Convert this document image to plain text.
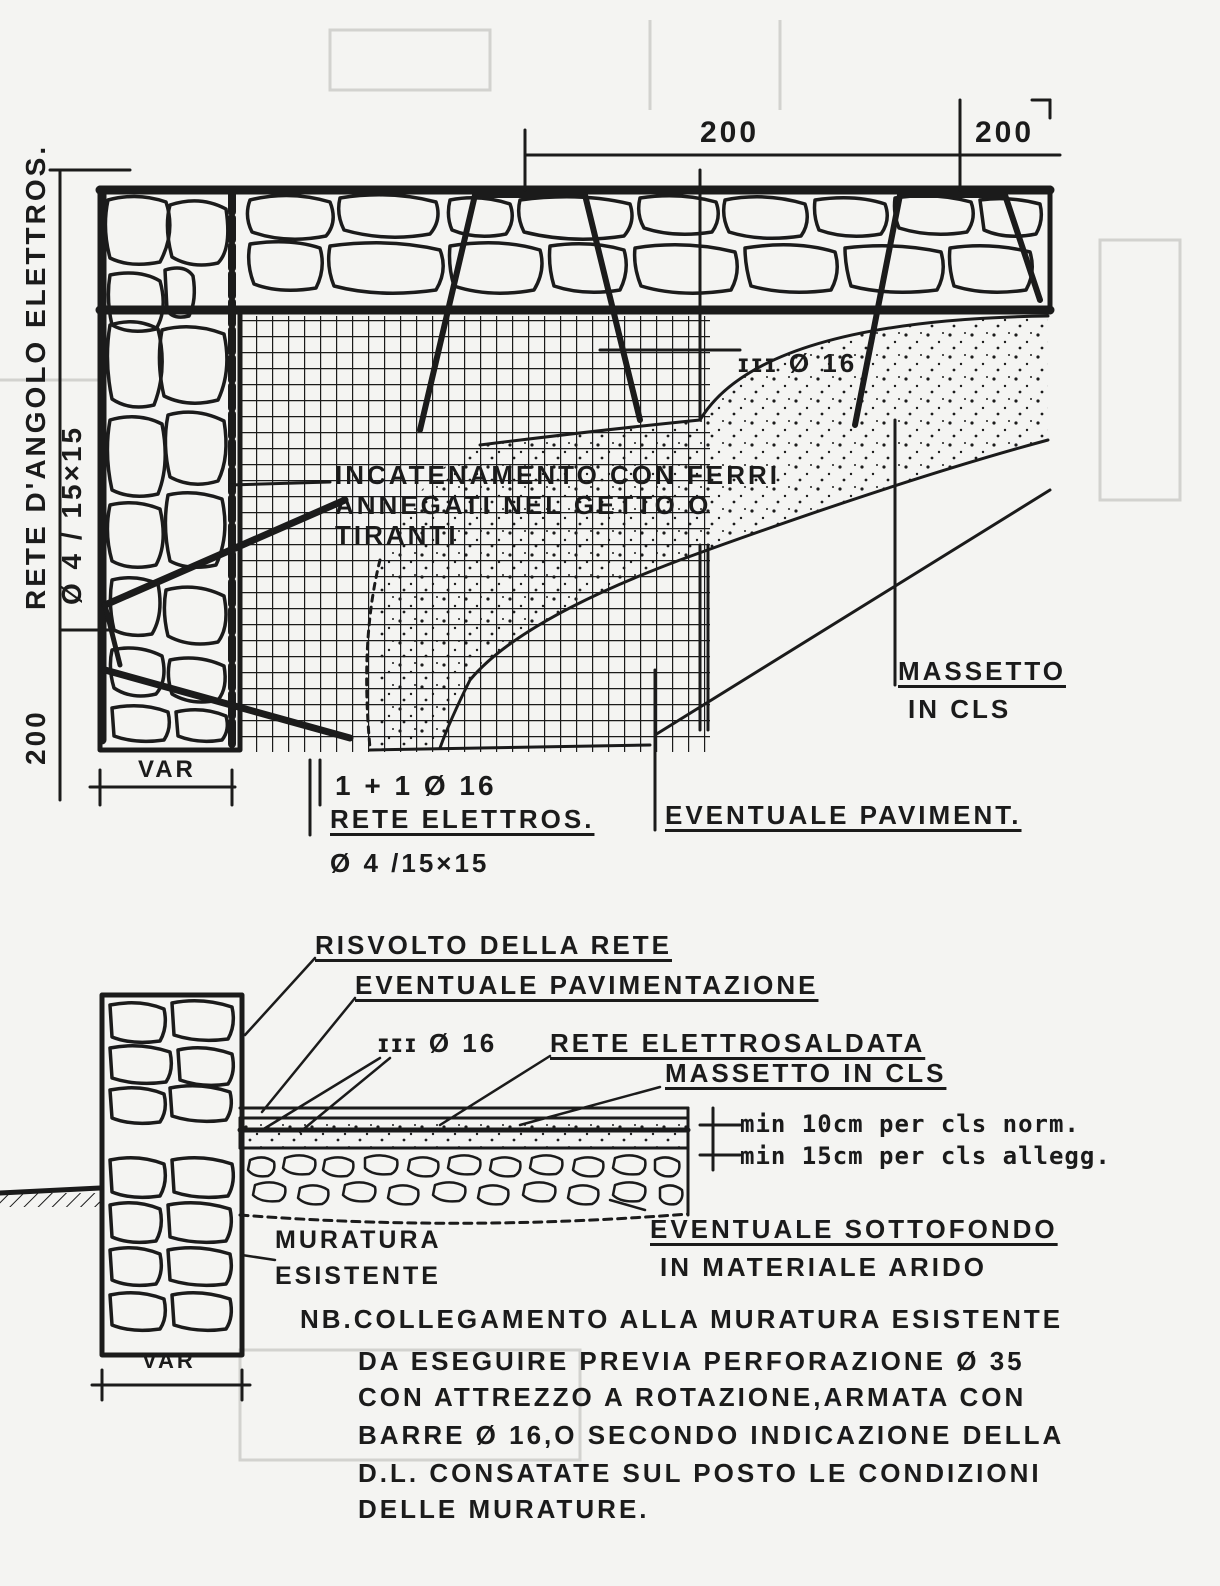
200	200
RETE D'ANGOLO ELETTROS. Ø 4 / 15×15
200
ɪɪɪ Ø 16
INCATENAMENTO CON FERRI
ANNEGATI NEL GETTO O
TIRANTI
MASSETTO
IN CLS
VAR
1 + 1 Ø 16
RETE ELETTROS.
Ø 4 /15×15
EVENTUALE PAVIMENT.
RISVOLTO DELLA RETE
EVENTUALE PAVIMENTAZIONE
ɪɪɪ Ø 16 RETE ELETTROSALDATA
MASSETTO IN CLS
min 10cm per cls norm.
min 15cm per cls allegg.
EVENTUALE SOTTOFONDO
IN MATERIALE ARIDO
MURATURA
ESISTENTE
VAR
NB.COLLEGAMENTO ALLA MURATURA ESISTENTE
DA ESEGUIRE PREVIA PERFORAZIONE Ø 35
CON ATTREZZO A ROTAZIONE,ARMATA CON
BARRE Ø 16,O SECONDO INDICAZIONE DELLA
D.L. CONSATATE SUL POSTO LE CONDIZIONI
DELLE MURATURE.
